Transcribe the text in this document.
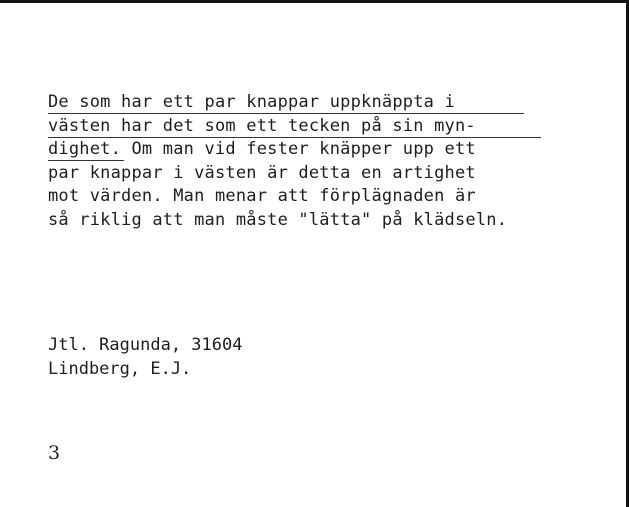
De som har ett par knappar uppknäppta i
västen har det som ett tecken på sin myn-
dighet. Om man vid fester knäpper upp ett
par knappar i västen är detta en artighet
mot värden. Man menar att förplägnaden är
så riklig att man måste "lätta" på klädseln.
Jtl. Ragunda, 31604
Lindberg, E.J.
3
